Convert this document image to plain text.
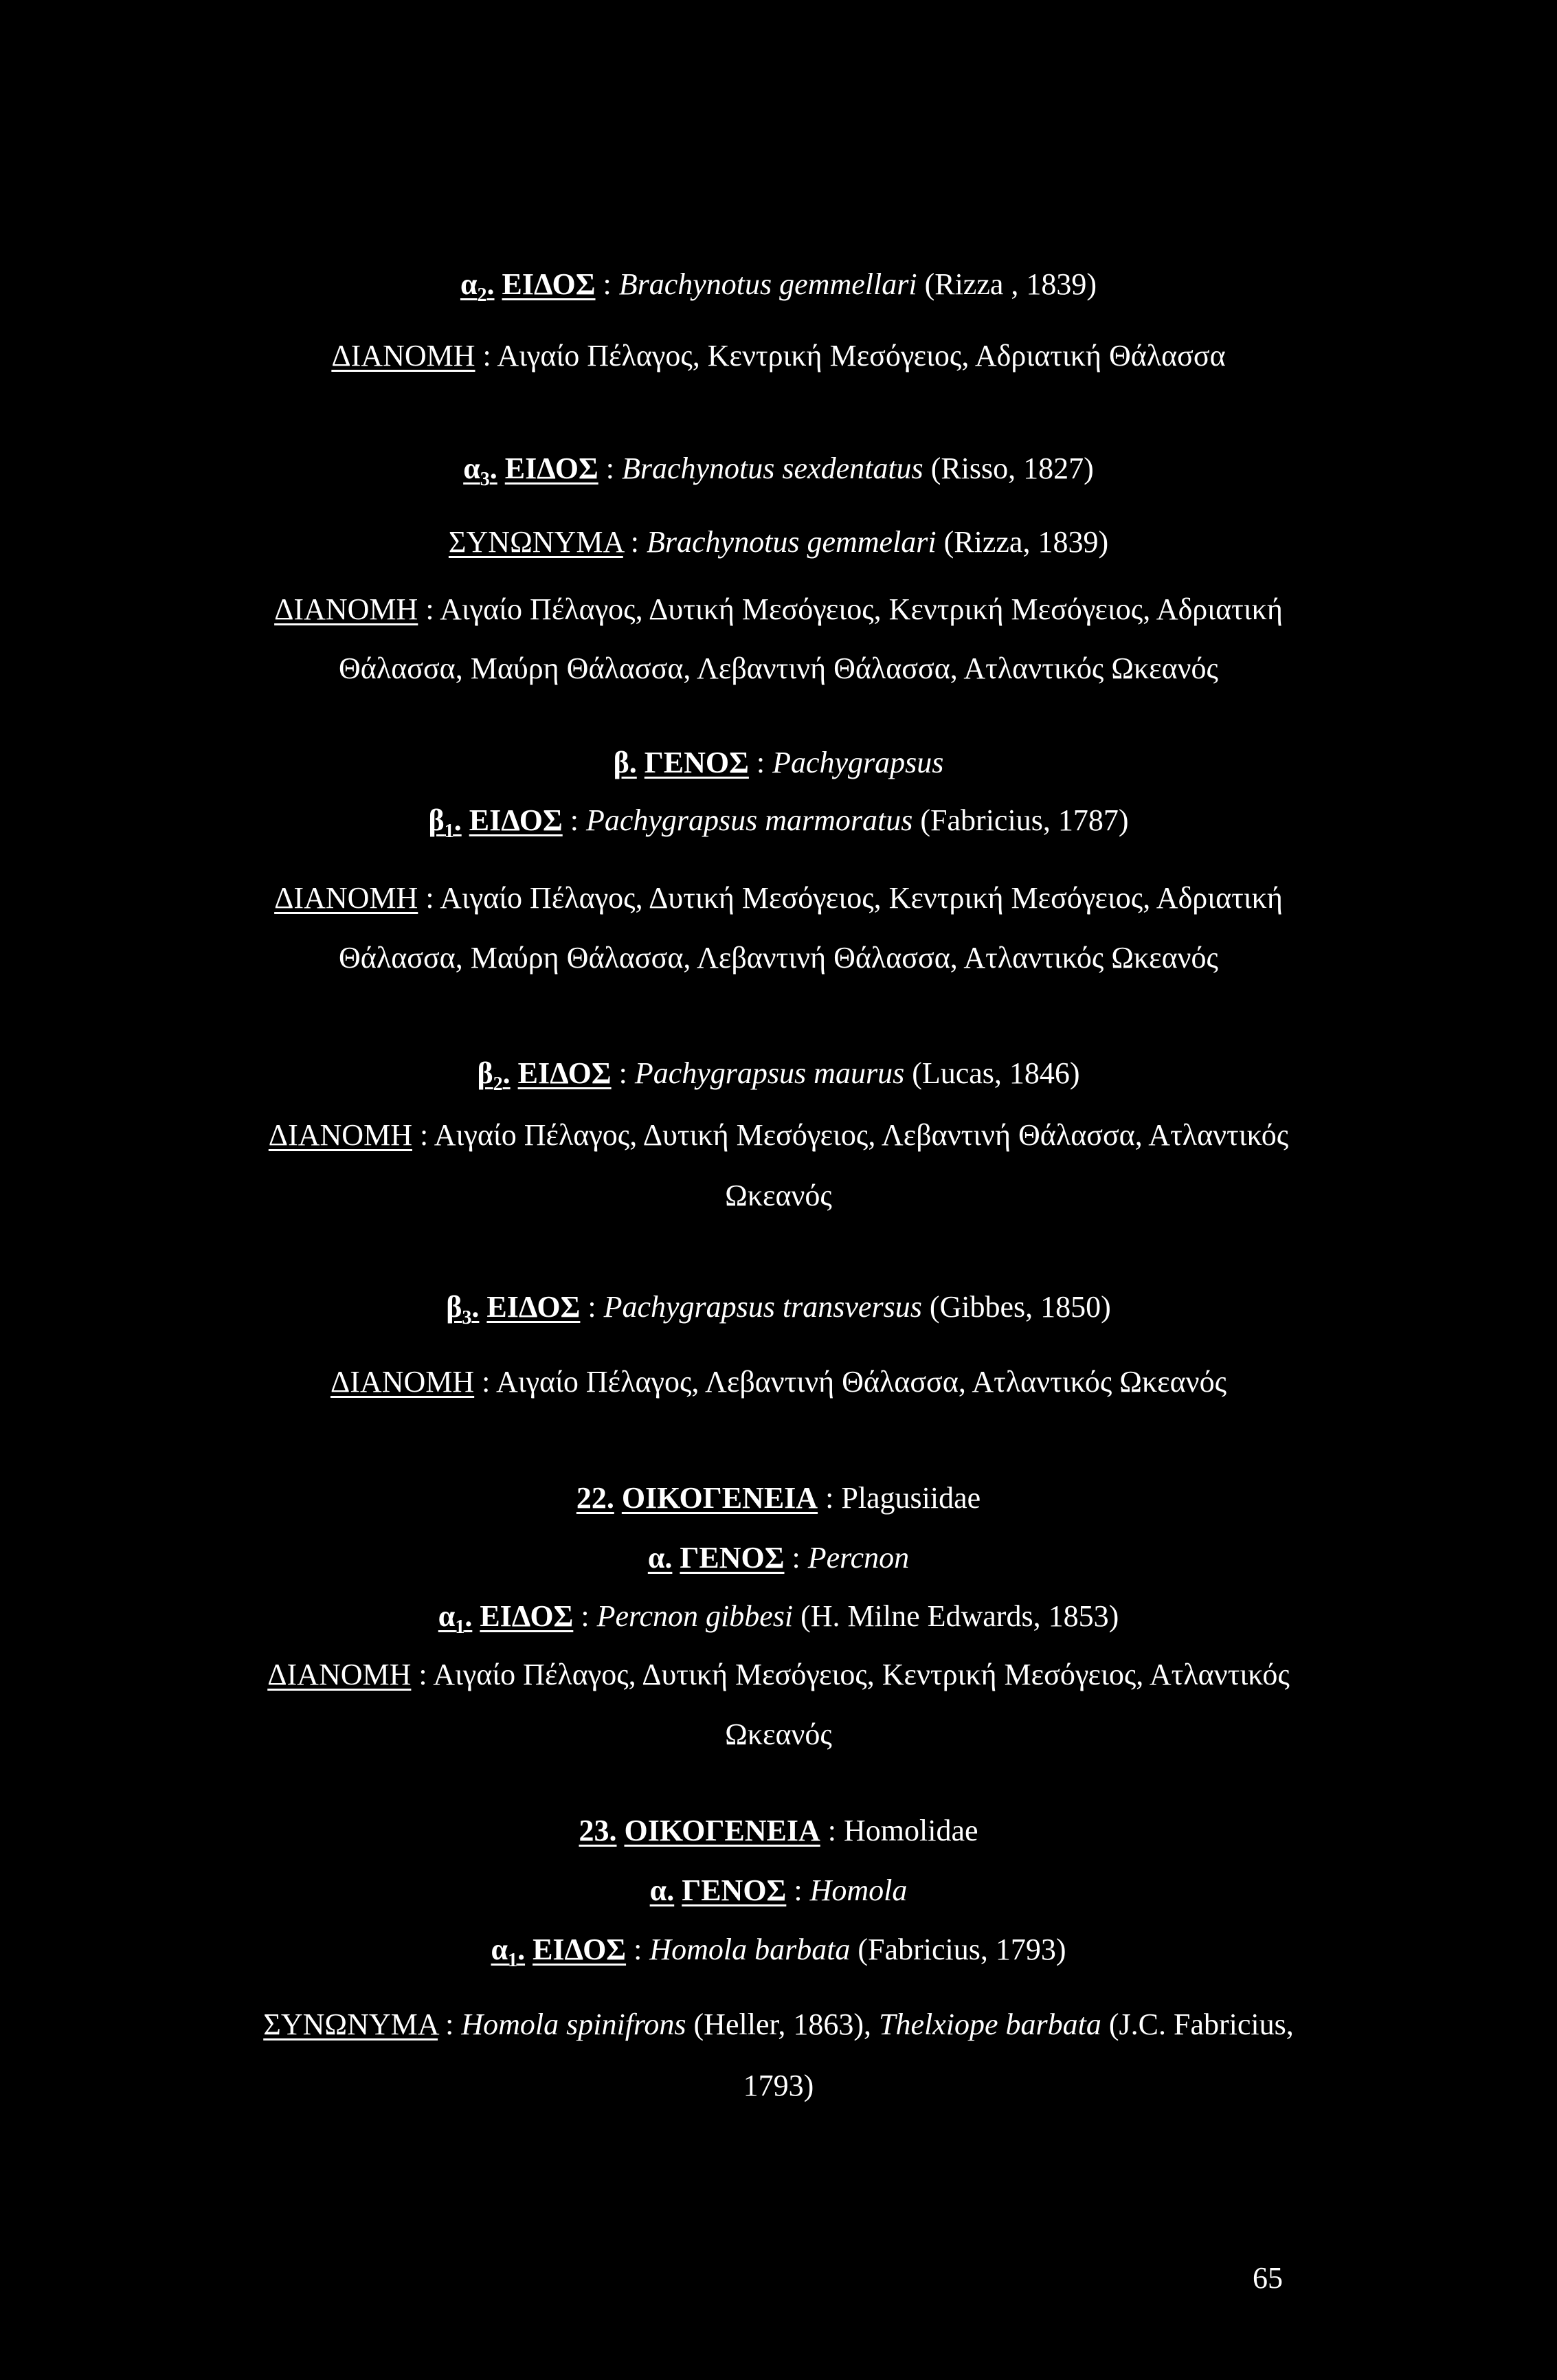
$\alpha_2$. ΕΙΔΟΣ : Brachynotus gemmellari (Rizza , 1839)
ΔΙΑΝΟΜΗ : Αιγαίο Πέλαγος, Κεντρική Μεσόγειος, Αδριατική Θάλασσα
$\alpha_3$. ΕΙΔΟΣ : Brachynotus sexdentatus (Risso, 1827)
ΣΥΝΩΝΥΜΑ : Brachynotus gemmelari (Rizza, 1839)
ΔΙΑΝΟΜΗ : Αιγαίο Πέλαγος, Δυτική Μεσόγειος, Κεντρική Μεσόγειος, Αδριατική
Θάλασσα, Μαύρη Θάλασσα, Λεβαντινή Θάλασσα, Ατλαντικός Ωκεανός
β. ΓΕΝΟΣ : Pachygrapsus
$\beta_1$. ΕΙΔΟΣ : Pachygrapsus marmoratus (Fabricius, 1787)
ΔΙΑΝΟΜΗ : Αιγαίο Πέλαγος, Δυτική Μεσόγειος, Κεντρική Μεσόγειος, Αδριατική
Θάλασσα, Μαύρη Θάλασσα, Λεβαντινή Θάλασσα, Ατλαντικός Ωκεανός
$\beta_2$. ΕΙΔΟΣ : Pachygrapsus maurus (Lucas, 1846)
ΔΙΑΝΟΜΗ : Αιγαίο Πέλαγος, Δυτική Μεσόγειος, Λεβαντινή Θάλασσα, Ατλαντικός
Ωκεανός
$\beta_3$. ΕΙΔΟΣ : Pachygrapsus transversus (Gibbes, 1850)
ΔΙΑΝΟΜΗ : Αιγαίο Πέλαγος, Λεβαντινή Θάλασσα, Ατλαντικός Ωκεανός
22. ΟΙΚΟΓΕΝΕΙΑ : Plagusiidae
α. ΓΕΝΟΣ : Percnon
$\alpha_1$. ΕΙΔΟΣ : Percnon gibbesi (H. Milne Edwards, 1853)
ΔΙΑΝΟΜΗ : Αιγαίο Πέλαγος, Δυτική Μεσόγειος, Κεντρική Μεσόγειος, Ατλαντικός
Ωκεανός
23. ΟΙΚΟΓΕΝΕΙΑ : Homolidae
α. ΓΕΝΟΣ : Homola
$\alpha_1$. ΕΙΔΟΣ : Homola barbata (Fabricius, 1793)
ΣΥΝΩΝΥΜΑ : Homola spinifrons (Heller, 1863), Thelxiope barbata (J.C. Fabricius,
1793)
65
